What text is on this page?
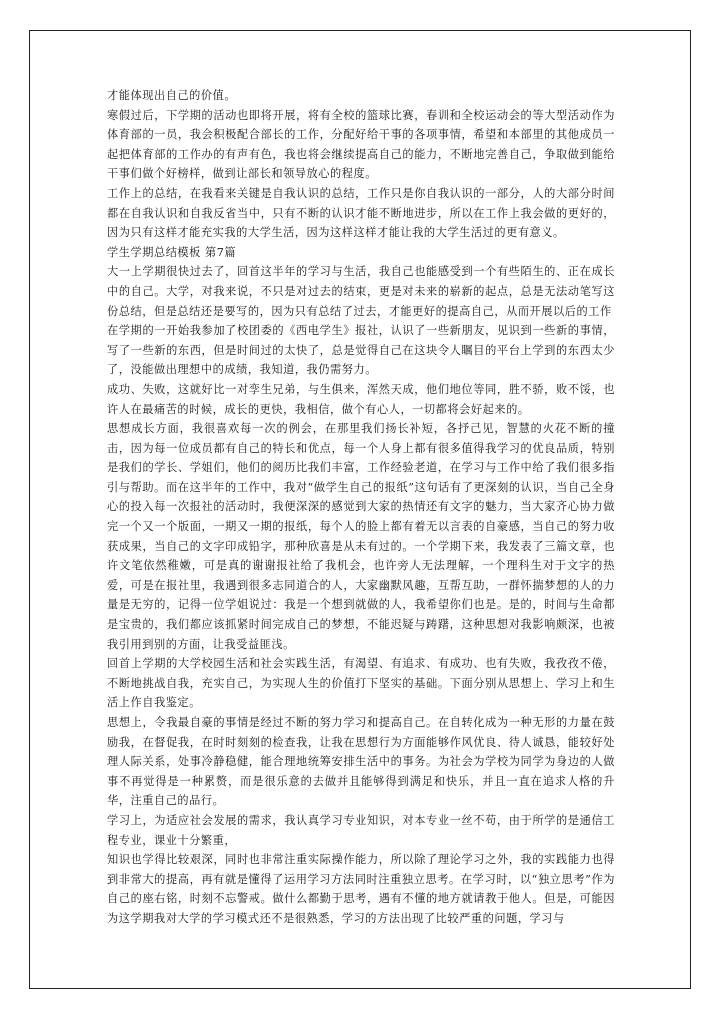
才能体现出自己的价值。

寒假过后，下学期的活动也即将开展，将有全校的篮球比赛，春训和全校运动会的等大型活动作为体育部的一员，我会积极配合部长的工作，分配好给干事的各项事情，希望和本部里的其他成员一起把体育部的工作办的有声有色，我也将会继续提高自己的能力，不断地完善自己，争取做到能给干事们做个好榜样，做到让部长和领导放心的程度。

工作上的总结，在我看来关键是自我认识的总结，工作只是你自我认识的一部分，人的大部分时间都在自我认识和自我反省当中，只有不断的认识才能不断地进步，所以在工作上我会做的更好的，因为只有这样才能充实我的大学生活，因为这样这样才能让我的大学生活过的更有意义。

学生学期总结模板 第7篇

大一上学期很快过去了，回首这半年的学习与生活，我自己也能感受到一个有些陌生的、正在成长中的自己。大学，对我来说，不只是对过去的结束，更是对未来的崭新的起点，总是无法动笔写这份总结，但是总结还是要写的，因为只有总结了过去，才能更好的提高自己，从而开展以后的工作

在学期的一开始我参加了校团委的《西电学生》报社，认识了一些新朋友，见识到一些新的事情，写了一些新的东西，但是时间过的太快了，总是觉得自己在这块令人瞩目的平台上学到的东西太少了，没能做出理想中的成绩，我知道，我仍需努力。

成功、失败，这就好比一对孪生兄弟，与生俱来，浑然天成，他们地位等同，胜不骄，败不馁，也许人在最痛苦的时候，成长的更快，我相信，做个有心人，一切都将会好起来的。

思想成长方面，我很喜欢每一次的例会，在那里我们扬长补短，各抒己见，智慧的火花不断的撞击，因为每一位成员都有自己的特长和优点，每一个人身上都有很多值得我学习的优良品质，特别是我们的学长、学姐们，他们的阅历比我们丰富，工作经验老道，在学习与工作中给了我们很多指引与帮助。而在这半年的工作中，我对“做学生自己的报纸”这句话有了更深刻的认识，当自己全身心的投入每一次报社的活动时，我便深深的感觉到大家的热情还有文字的魅力，当大家齐心协力做完一个又一个版面，一期又一期的报纸，每个人的脸上都有着无以言表的自豪感，当自己的努力收获成果，当自己的文字印成铅字，那种欣喜是从未有过的。一个学期下来，我发表了三篇文章，也许文笔依然稚嫩，可是真的谢谢报社给了我机会，也许旁人无法理解，一个理科生对于文字的热爱，可是在报社里，我遇到很多志同道合的人，大家幽默风趣，互帮互助，一群怀揣梦想的人的力量是无穷的，记得一位学姐说过：我是一个想到就做的人，我希望你们也是。是的，时间与生命都是宝贵的，我们都应该抓紧时间完成自己的梦想，不能迟疑与踌躇，这种思想对我影响颇深，也被我引用到别的方面，让我受益匪浅。

回首上学期的大学校园生活和社会实践生活，有渴望、有追求、有成功、也有失败，我孜孜不倦，不断地挑战自我，充实自己，为实现人生的价值打下坚实的基础。下面分别从思想上、学习上和生活上作自我鉴定。

思想上，令我最自豪的事情是经过不断的努力学习和提高自己。在自转化成为一种无形的力量在鼓励我，在督促我，在时时刻刻的检查我，让我在思想行为方面能够作风优良、待人诚恳，能较好处理人际关系，处事冷静稳健，能合理地统筹安排生活中的事务。为社会为学校为同学为身边的人做事不再觉得是一种累赘，而是很乐意的去做并且能够得到满足和快乐，并且一直在追求人格的升华，注重自己的品行。

学习上，为适应社会发展的需求，我认真学习专业知识，对本专业一丝不苟，由于所学的是通信工程专业，课业十分繁重，

知识也学得比较艰深，同时也非常注重实际操作能力，所以除了理论学习之外，我的实践能力也得到非常大的提高，再有就是懂得了运用学习方法同时注重独立思考。在学习时，以“独立思考”作为自己的座右铭，时刻不忘警戒。做什么都勤于思考，遇有不懂的地方就请教于他人。但是，可能因为这学期我对大学的学习模式还不是很熟悉，学习的方法出现了比较严重的问题，学习与
